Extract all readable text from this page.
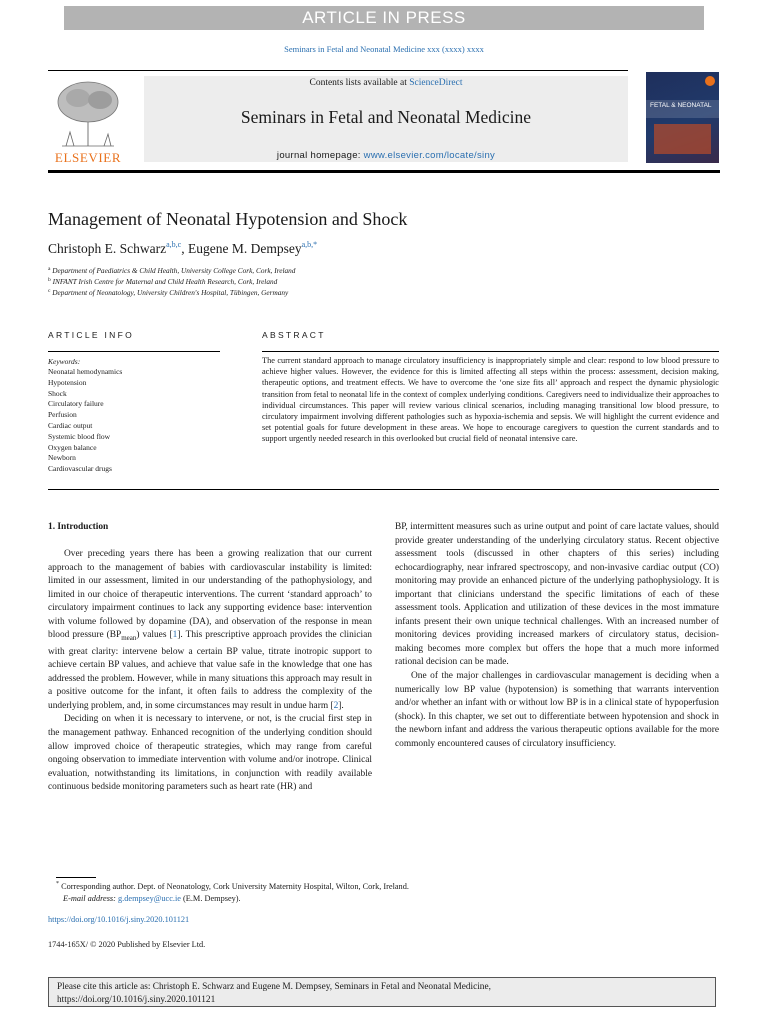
ARTICLE IN PRESS
Seminars in Fetal and Neonatal Medicine xxx (xxxx) xxxx
ELSEVIER
Contents lists available at ScienceDirect
Seminars in Fetal and Neonatal Medicine
journal homepage: www.elsevier.com/locate/siny
FETAL & NEONATAL
Management of Neonatal Hypotension and Shock
Christoph E. Schwarz$^{a,b,c}$, Eugene M. Dempsey$^{a,b,*}$
$^a$ Department of Paediatrics & Child Health, University College Cork, Cork, Ireland
$^b$ INFANT Irish Centre for Maternal and Child Health Research, Cork, Ireland
$^c$ Department of Neonatology, University Children's Hospital, Tübingen, Germany
ARTICLE INFO
Keywords:
Neonatal hemodynamics
Hypotension
Shock
Circulatory failure
Perfusion
Cardiac output
Systemic blood flow
Oxygen balance
Newborn
Cardiovascular drugs
ABSTRACT
The current standard approach to manage circulatory insufficiency is inappropriately simple and clear: respond to low blood pressure to achieve higher values. However, the evidence for this is limited affecting all steps within the process: assessment, decision making, therapeutic options, and treatment effects. We have to overcome the ‘one size fits all’ approach and respect the dynamic physiologic transition from fetal to neonatal life in the context of complex underlying conditions. Caregivers need to individualize their approaches to individual circumstances. This paper will review various clinical scenarios, including managing transitional low blood pressure, to circulatory impairment involving different pathologies such as hypoxia-ischemia and sepsis. We will highlight the current evidence and set potential goals for future development in these areas. We hope to encourage caregivers to question the current standards and to support urgently needed research in this overlooked but crucial field of neonatal intensive care.
1. Introduction

Over preceding years there has been a growing realization that our current approach to the management of babies with cardiovascular instability is limited: limited in our assessment, limited in our understanding of the pathophysiology, and limited in our choice of therapeutic interventions. The current ‘standard approach’ to circulatory impairment continues to lack any supporting evidence base: intervention with volume followed by dopamine (DA), and observation of the response in mean blood pressure $(BP_{mean})$ values [1]. This prescriptive approach provides the clinician with great clarity: intervene below a certain BP value, titrate inotropic support to achieve certain BP values, and achieve that value safe in the knowledge that one has addressed the problem. However, while in many situations this approach may result in a positive outcome for the infant, it often fails to address the complexity of the underlying problem, and, in some circumstances may result in undue harm [2].

Deciding on when it is necessary to intervene, or not, is the crucial first step in the management pathway. Enhanced recognition of the underlying condition should allow improved choice of therapeutic strategies, which may range from careful ongoing observation to immediate intervention with volume and/or inotrope. Clinical evaluation, notwithstanding its limitations, in conjunction with readily available continuous bedside monitoring parameters such as heart rate (HR) and

BP, intermittent measures such as urine output and point of care lactate values, should provide greater understanding of the underlying circulatory status. Recent objective assessment tools (discussed in other chapters of this series) including echocardiography, near infrared spectroscopy, and non-invasive cardiac output (CO) monitoring may provide an enhanced picture of the underlying pathophysiology. It is important that clinicians understand the specific limitations of each of these assessment tools. Application and utilization of these devices in the most immature infants present their own unique technical challenges. With an increased number of monitoring devices providing increased markers of circulatory status, decision-making becomes more complex but offers the hope that a much more informed rational decision can be made.

One of the major challenges in cardiovascular management is deciding when a numerically low BP value (hypotension) is something that warrants intervention and/or whether an infant with or without low BP is in a clinical state of hypoperfusion (shock). In this chapter, we set out to differentiate between hypotension and shock in the newborn infant and address the various therapeutic options available for the more commonly encountered causes of circulatory insufficiency.

* Corresponding author. Dept. of Neonatology, Cork University Maternity Hospital, Wilton, Cork, Ireland.
E-mail address: g.dempsey@ucc.ie (E.M. Dempsey).
https://doi.org/10.1016/j.siny.2020.101121
1744-165X/ © 2020 Published by Elsevier Ltd.
Please cite this article as: Christoph E. Schwarz and Eugene M. Dempsey, Seminars in Fetal and Neonatal Medicine,
https://doi.org/10.1016/j.siny.2020.101121
